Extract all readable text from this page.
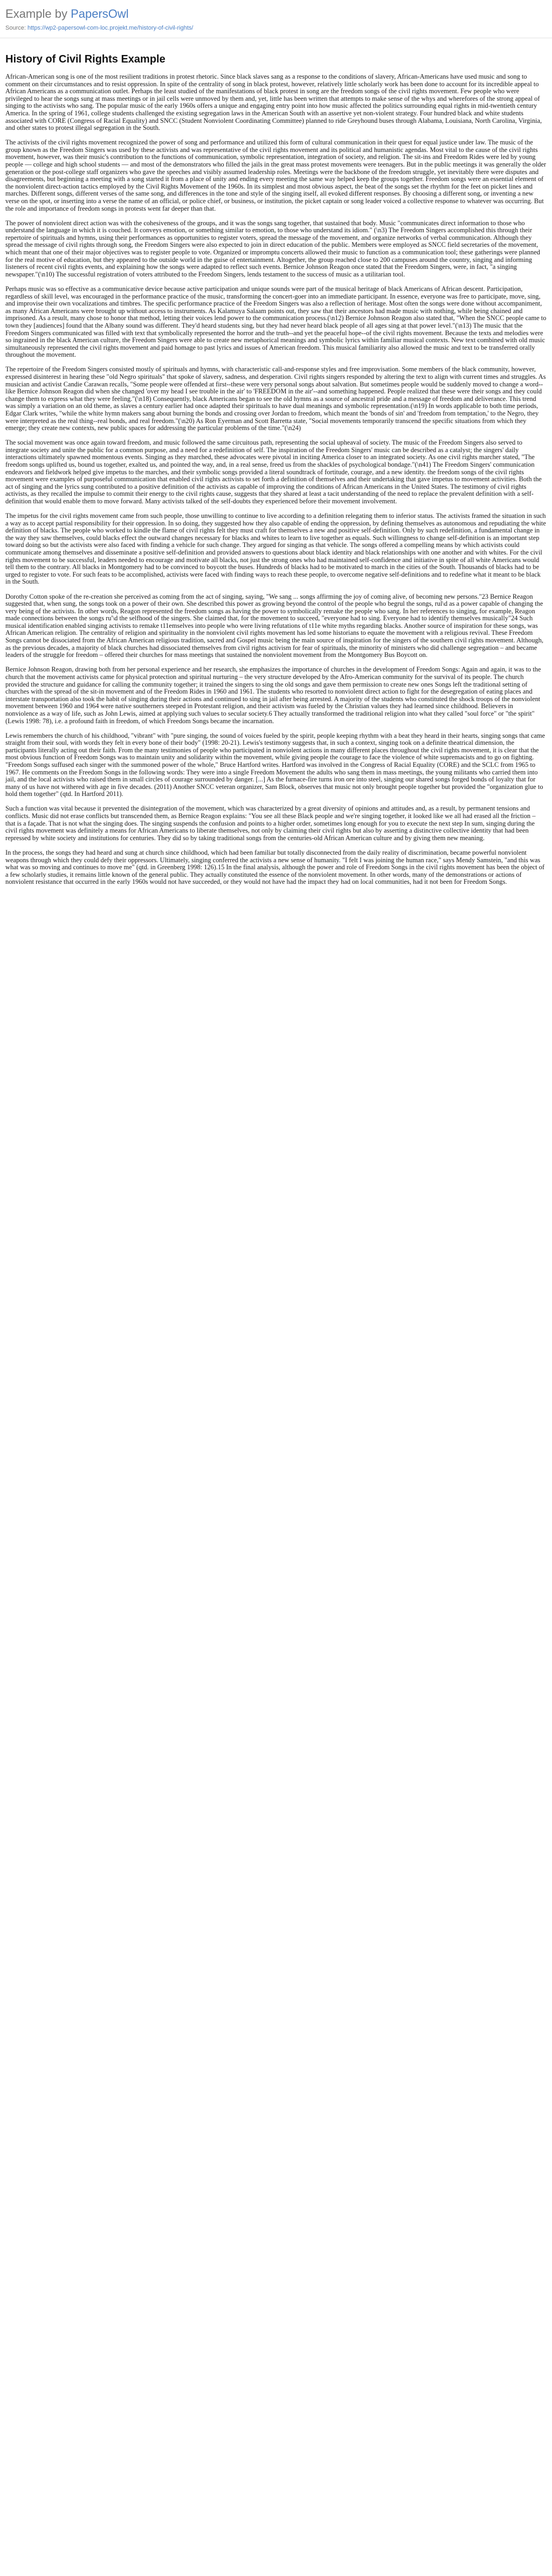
Example by PapersOwl
Source: https://wp2-papersowl-com-loc.projekt.me/history-of-civil-rights/
History of Civil Rights Example

African-American song is one of the most resilient traditions in protest rhetoric. Since black slaves sang as a response to the conditions of slavery, African-Americans have used music and song to comment on their circumstances and to resist oppression. In spite of the centrality of song in black protest, however, relatively little scholarly work has been done to account for its incredible appeal to African Americans as a communication outlet. Perhaps the least studied of the manifestations of black protest in song are the freedom songs of the civil rights movement. Few people who were privileged to hear the songs sung at mass meetings or in jail cells were unmoved by them and, yet, little has been written that attempts to make sense of the whys and wherefores of the strong appeal of singing to the activists who sang. The popular music of the early 1960s offers a unique and engaging entry point into how music affected the politics surrounding equal rights in mid-twentieth century America. In the spring of 1961, college students challenged the existing segregation laws in the American South with an assertive yet non-violent strategy. Four hundred black and white students associated with CORE (Congress of Racial Equality) and SNCC (Student Nonviolent Coordinating Committee) planned to ride Greyhound buses through Alabama, Louisiana, North Carolina, Virginia, and other states to protest illegal segregation in the South.

The activists of the civil rights movement recognized the power of song and performance and utilized this form of cultural communication in their quest for equal justice under law. The music of the group known as the Freedom Singers was used by these activists and was representative of the civil rights movement and its political and humanistic agendas. Most vital to the cause of the civil rights movement, however, was their music's contribution to the functions of communication, symbolic representation, integration of society, and religion. The sit-ins and Freedom Rides were led by young people — college and high school students — and most of the demonstrators who filled the jails in the great mass protest movements were teenagers. But in the public meetings it was generally the older generation or the post-college staff organizers who gave the speeches and visibly assumed leadership roles. Meetings were the backbone of the freedom struggle, yet inevitably there were disputes and disagreements, but beginning a meeting with a song started it from a place of unity and ending every meeting the same way helped keep the groups together. Freedom songs were an essential element of the nonviolent direct-action tactics employed by the Civil Rights Movement of the 1960s. In its simplest and most obvious aspect, the beat of the songs set the rhythm for the feet on picket lines and marches. Different songs, different verses of the same song, and differences in the tone and style of the singing itself, all evoked different responses. By choosing a different song, or inventing a new verse on the spot, or inserting into a verse the name of an official, or police chief, or business, or institution, the picket captain or song leader voiced a collective response to whatever was occurring. But the role and importance of freedom songs in protests went far deeper than that.

The power of nonviolent direct action was with the cohesiveness of the groups, and it was the songs sang together, that sustained that body. Music "communicates direct information to those who understand the language in which it is couched. It conveys emotion, or something similar to emotion, to those who understand its idiom." (\n3) The Freedom Singers accomplished this through their repertoire of spirituals and hymns, using their performances as opportunities to register voters, spread the message of the movement, and organize networks of verbal communication. Although they spread the message of civil rights through song, the Freedom Singers were also expected to join in direct education of the public. Members were employed as SNCC field secretaries of the movement, which meant that one of their major objectives was to register people to vote. Organized or impromptu concerts allowed their music to function as a communication tool; these gatherings were planned for the real motive of education, but they appeared to the outside world in the guise of entertainment. Altogether, the group reached close to 200 campuses around the country, singing and informing listeners of recent civil rights events, and explaining how the songs were adapted to reflect such events. Bernice Johnson Reagon once stated that the Freedom Singers, were, in fact, "a singing newspaper."(\n10) The successful registration of voters attributed to the Freedom Singers, lends testament to the success of music as a utilitarian tool.

Perhaps music was so effective as a communicative device because active participation and unique sounds were part of the musical heritage of black Americans of African descent. Participation, regardless of skill level, was encouraged in the performance practice of the music, transforming the concert-goer into an immediate participant. In essence, everyone was free to participate, move, sing, and improvise their own vocalizations and timbres. The specific performance practice of the Freedom Singers was also a reflection of heritage. Most often the songs were done without accompaniment, as many African Americans were brought up without access to instruments. As Kalamuya Salaam points out, they saw that their ancestors had made music with nothing, while being chained and imprisoned. As a result, many chose to honor that method, letting their voices lend power to the communication process.(\n12) Bernice Johnson Reagon also stated that, "When the SNCC people came to town they [audiences] found that the Albany sound was different. They'd heard students sing, but they had never heard black people of all ages sing at that power level."(\n13) The music that the Freedom Singers communicated was filled with text that symbolically represented the horror and the truth--and yet the peaceful hope--of the civil rights movement. Because the texts and melodies were so ingrained in the black American culture, the Freedom Singers were able to create new metaphorical meanings and symbolic lyrics within familiar musical contexts. New text combined with old music simultaneously represented the civil rights movement and paid homage to past lyrics and issues of American freedom. This musical familiarity also allowed the music and text to be transferred orally throughout the movement.

The repertoire of the Freedom Singers consisted mostly of spirituals and hymns, with characteristic call-and-response styles and free improvisation. Some members of the black community, however, expressed disinterest in hearing these "old Negro spirituals" that spoke of slavery, sadness, and desperation. Civil rights singers responded by altering the text to align with current times and struggles. As musician and activist Candie Carawan recalls, "Some people were offended at first--these were very personal songs about salvation. But sometimes people would be suddenly moved to change a word--like Bernice Johnson Reagon did when she changed 'over my head I see trouble in the air' to 'FREEDOM in the air'--and something happened. People realized that these were their songs and they could change them to express what they were feeling."(\n18) Consequently, black Americans began to see the old hymns as a source of ancestral pride and a message of freedom and deliverance. This trend was simply a variation on an old theme, as slaves a century earlier had once adapted their spirituals to have dual meanings and symbolic representation.(\n19) In words applicable to both time periods, Edgar Clark writes, "while the white hymn makers sang about burning the bonds and crossing over Jordan to freedom, which meant the 'bonds of sin' and 'freedom from temptation,' to the Negro, they were interpreted as the real thing--real bonds, and real freedom."(\n20) As Ron Eyerman and Scott Barretta state, "Social movements temporarily transcend the specific situations from which they emerge; they create new contexts, new public spaces for addressing the particular problems of the time."(\n24)

The social movement was once again toward freedom, and music followed the same circuitous path, representing the social upheaval of society. The music of the Freedom Singers also served to integrate society and unite the public for a common purpose, and a need for a redefinition of self. The inspiration of the Freedom Singers' music can be described as a catalyst; the singers' daily interactions ultimately spawned momentous events. Singing as they marched, these advocates were pivotal in inciting America closer to an integrated society. As one civil rights marcher stated, "The freedom songs uplifted us, bound us together, exalted us, and pointed the way, and, in a real sense, freed us from the shackles of psychological bondage."(\n41) The Freedom Singers' communication endeavors and fieldwork helped give impetus to the marches, and their symbolic songs provided a literal soundtrack of fortitude, courage, and a new identity. the freedom songs of the civil rights movement were examples of purposeful communication that enabled civil rights activists to set forth a definition of themselves and their undertaking that gave impetus to movement activities. Both the act of singing and the lyrics sung contributed to a positive definition of the activists as capable of improving the conditions of African Americans in the United States. The testimony of civil rights activists, as they recalled the impulse to commit their energy to the civil rights cause, suggests that they shared at least a tacit understanding of the need to replace the prevalent definition with a self-definition that would enable them to move forward. Many activists talked of the self-doubts they experienced before their movement involvement.

The impetus for the civil rights movement came from such people, those unwilling to continue to live according to a definition relegating them to inferior status. The activists framed the situation in such a way as to accept partial responsibility for their oppression. In so doing, they suggested how they also capable of ending the oppression, by defining themselves as autonomous and repudiating the white definition of blacks. The people who worked to kindle the flame of civil rights felt they must craft for themselves a new and positive self-definition. Only by such redefinition, a fundamental change in the way they saw themselves, could blacks effect the outward changes necessary for blacks and whites to learn to live together as equals. Such willingness to change self-definition is an important step toward doing so but the activists were also faced with finding a vehicle for such change. They argued for singing as that vehicle. The songs offered a compelling means by which activists could communicate among themselves and disseminate a positive self-definition and provided answers to questions about black identity and black relationships with one another and with whites. For the civil rights movement to be successful, leaders needed to encourage and motivate all blacks, not just the strong ones who had maintained self-confidence and initiative in spite of all white Americans would tell them to the contrary. All blacks in Montgomery had to be convinced to boycott the buses. Hundreds of blacks had to be motivated to march in the cities of the South. Thousands of blacks had to be urged to register to vote. For such feats to be accomplished, activists were faced with finding ways to reach these people, to overcome negative self-definitions and to redefine what it meant to be black in the South.

Dorothy Cotton spoke of the re-creation she perceived as coming from the act of singing, saying, "We sang ... songs affirming the joy of coming alive, of becoming new persons."23 Bernice Reagon suggested that, when sung, the songs took on a power of their own. She described this power as growing beyond the control of the people who begrul the songs, rul\d as a power capable of changing the very being of the activists. In other words, Reagon represented the freedom songs as having the power to symbolically remake the people who sang. In her references to singing, for example, Reagon made connections between the songs ru'\d the selfhood of the singers. She claimed that, for the movement to succeed, "everyone had to sing. Everyone had to identify themselves musically"24 Such musical identification enabled singing activists to remake t11emselves into people who were living refutations of t11e white myths regarding blacks. Another source of inspiration for these songs, was African American religion. The centrality of religion and spirituality in the nonviolent civil rights movement has led some historians to equate the movement with a religious revival. These Freedom Songs cannot be dissociated from the African American religious tradition, sacred and Gospel music being the main source of inspiration for the singers of the southern civil rights movement. Although, as the previous decades, a majority of black churches had dissociated themselves from civil rights activism for fear of spirituals, the minority of ministers who did challenge segregation – and became leaders of the struggle for freedom – offered their churches for mass meetings that sustained the nonviolent movement from the Montgomery Bus Boycott on.

Bernice Johnson Reagon, drawing both from her personal experience and her research, she emphasizes the importance of churches in the development of Freedom Songs: Again and again, it was to the church that the movement activists came for physical protection and spiritual nurturing – the very structure developed by the Afro-American community for the survival of its people. The church provided the structure and guidance for calling the community together; it trained the singers to sing the old songs and gave them permission to create new ones Songs left the traditional setting of churches with the spread of the sit-in movement and of the Freedom Rides in 1960 and 1961. The students who resorted to nonviolent direct action to fight for the desegregation of eating places and interstate transportation also took the habit of singing during their actions and continued to sing in jail after being arrested. A majority of the students who constituted the shock troops of the nonviolent movement between 1960 and 1964 were native southerners steeped in Protestant religion, and their activism was fueled by the Christian values they had learned since childhood. Believers in nonviolence as a way of life, such as John Lewis, aimed at applying such values to secular society.6 They actually transformed the traditional religion into what they called "soul force" or "the spirit" (Lewis 1998: 78), i.e. a profound faith in freedom, of which Freedom Songs became the incarnation.

Lewis remembers the church of his childhood, "vibrant" with "pure singing, the sound of voices fueled by the spirit, people keeping rhythm with a beat they heard in their hearts, singing songs that came straight from their soul, with words they felt in every bone of their body" (1998: 20-21). Lewis's testimony suggests that, in such a context, singing took on a definite theatrical dimension, the participants literally acting out their faith. From the many testimonies of people who participated in nonviolent actions in many different places throughout the civil rights movement, it is clear that the most obvious function of Freedom Songs was to maintain unity and solidarity within the movement, while giving people the courage to face the violence of white supremacists and to go on fighting. "Freedom Songs suffused each singer with the summoned power of the whole," Bruce Hartford writes. Hartford was involved in the Congress of Racial Equality (CORE) and the SCLC from 1965 to 1967. He comments on the Freedom Songs in the following words: They were into a single Freedom Movement the adults who sang them in mass meetings, the young militants who carried them into jail, and the local activists who raised them in small circles of courage surrounded by danger. [...] As the furnace-fire turns iron ore into steel, singing our shared songs forged bonds of loyalty that for many of us have not withered with age in five decades. (2011) Another SNCC veteran organizer, Sam Block, observes that music not only brought people together but provided the "organization glue to hold them together" (qtd. In Hartford 2011).

Such a function was vital because it prevented the disintegration of the movement, which was characterized by a great diversity of opinions and attitudes and, as a result, by permanent tensions and conflicts. Music did not erase conflicts but transcended them, as Bernice Reagon explains: "You see all these Black people and we're singing together, it looked like we all had erased all the friction – that is a façade. That is not what the singing does. The singing suspends the confusion and points to a higher order, sometimes long enough for you to execute the next step In sum, singing during the civil rights movement was definitely a means for African Americans to liberate themselves, not only by claiming their civil rights but also by asserting a distinctive collective identity that had been repressed by white society and institutions for centuries. They did so by taking traditional songs from the centuries-old African American culture and by giving them new meaning.

In the process, the songs they had heard and sung at church since childhood, which had been familiar but totally disconnected from the daily reality of discrimination, became powerful nonviolent weapons through which they could defy their oppressors. Ultimately, singing conferred the activists a new sense of humanity. "I felt I was joining the human race," says Mendy Samstein, "and this was what was so moving and continues to move me" (qtd. in Greenberg 1998: 126).15 In the final analysis, although the power and role of Freedom Songs in the civil rights movement has been the object of a few scholarly studies, it remains little known of the general public. They actually constituted the essence of the nonviolent movement. In other words, many of the demonstrations or actions of nonviolent resistance that occurred in the early 1960s would not have succeeded, or they would not have had the impact they had on local communities, had it not been for Freedom Songs.
